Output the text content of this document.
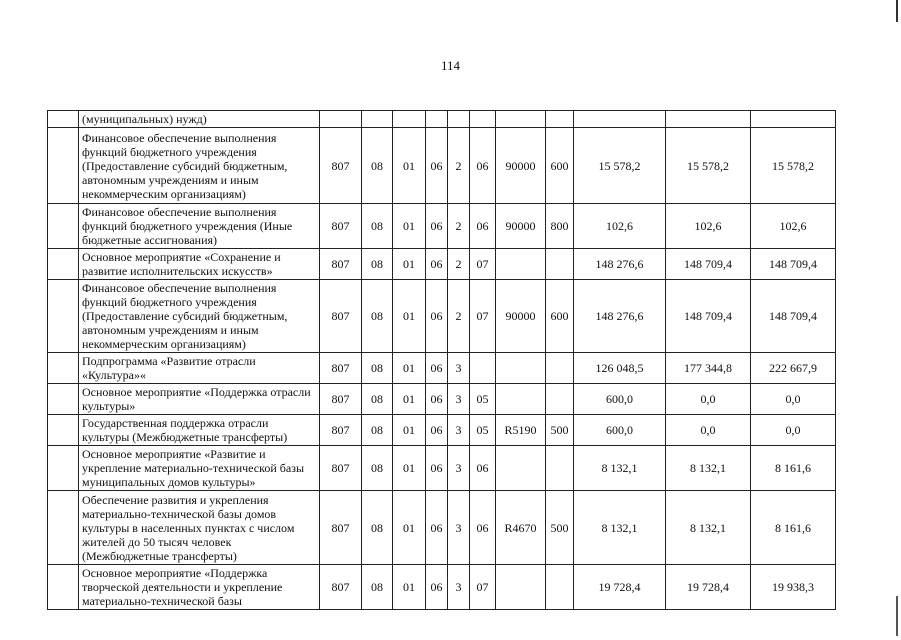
114
	(муниципальных) нужд)											
	Финансовое обеспечение выполнения функций бюджетного учреждения (Предоставление субсидий бюджетным, автономным учреждениям и иным некоммерческим организациям)	807	08	01	06	2	06	90000	600	15 578,2	15 578,2	15 578,2
	Финансовое обеспечение выполнения функций бюджетного учреждения (Иные бюджетные ассигнования)	807	08	01	06	2	06	90000	800	102,6	102,6	102,6
	Основное мероприятие «Сохранение и развитие исполнительских искусств»	807	08	01	06	2	07			148 276,6	148 709,4	148 709,4
	Финансовое обеспечение выполнения функций бюджетного учреждения (Предоставление субсидий бюджетным, автономным учреждениям и иным некоммерческим организациям)	807	08	01	06	2	07	90000	600	148 276,6	148 709,4	148 709,4
	Подпрограмма «Развитие отрасли «Культура»«	807	08	01	06	3				126 048,5	177 344,8	222 667,9
	Основное мероприятие «Поддержка отрасли культуры»	807	08	01	06	3	05			600,0	0,0	0,0
	Государственная поддержка отрасли культуры (Межбюджетные трансферты)	807	08	01	06	3	05	R5190	500	600,0	0,0	0,0
	Основное мероприятие «Развитие и укрепление материально-технической базы муниципальных домов культуры»	807	08	01	06	3	06			8 132,1	8 132,1	8 161,6
	Обеспечение развития и укрепления материально-технической базы домов культуры в населенных пунктах с числом жителей до 50 тысяч человек (Межбюджетные трансферты)	807	08	01	06	3	06	R4670	500	8 132,1	8 132,1	8 161,6
	Основное мероприятие «Поддержка творческой деятельности и укрепление материально-технической базы	807	08	01	06	3	07			19 728,4	19 728,4	19 938,3
